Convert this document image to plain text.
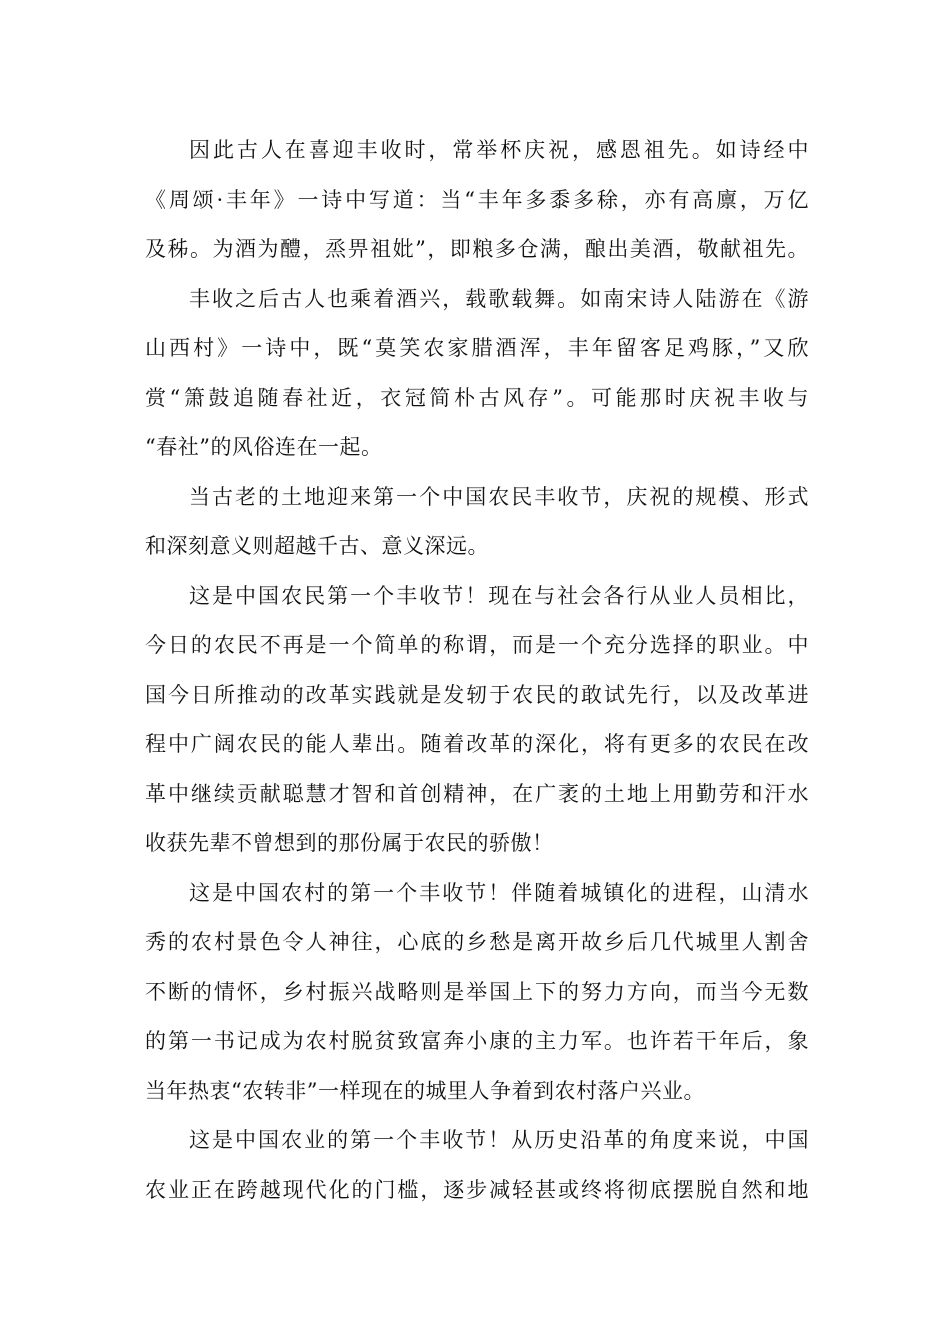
因此古人在喜迎丰收时，常举杯庆祝，感恩祖先。如诗经中
《周颂·丰年》一诗中写道：当“丰年多黍多稌，亦有高廪，万亿
及秭。为酒为醴，烝畀祖妣”，即粮多仓满，酿出美酒，敬献祖先。
丰收之后古人也乘着酒兴，载歌载舞。如南宋诗人陆游在《游
山西村》一诗中，既“莫笑农家腊酒浑，丰年留客足鸡豚，”又欣
赏“箫鼓追随春社近，衣冠简朴古风存”。可能那时庆祝丰收与
“春社”的风俗连在一起。
当古老的土地迎来第一个中国农民丰收节，庆祝的规模、形式
和深刻意义则超越千古、意义深远。
这是中国农民第一个丰收节！现在与社会各行从业人员相比，
今日的农民不再是一个简单的称谓，而是一个充分选择的职业。中
国今日所推动的改革实践就是发轫于农民的敢试先行，以及改革进
程中广阔农民的能人辈出。随着改革的深化，将有更多的农民在改
革中继续贡献聪慧才智和首创精神，在广袤的土地上用勤劳和汗水
收获先辈不曾想到的那份属于农民的骄傲！
这是中国农村的第一个丰收节！伴随着城镇化的进程，山清水
秀的农村景色令人神往，心底的乡愁是离开故乡后几代城里人割舍
不断的情怀，乡村振兴战略则是举国上下的努力方向，而当今无数
的第一书记成为农村脱贫致富奔小康的主力军。也许若干年后，象
当年热衷“农转非”一样现在的城里人争着到农村落户兴业。
这是中国农业的第一个丰收节！从历史沿革的角度来说，中国
农业正在跨越现代化的门槛，逐步减轻甚或终将彻底摆脱自然和地
